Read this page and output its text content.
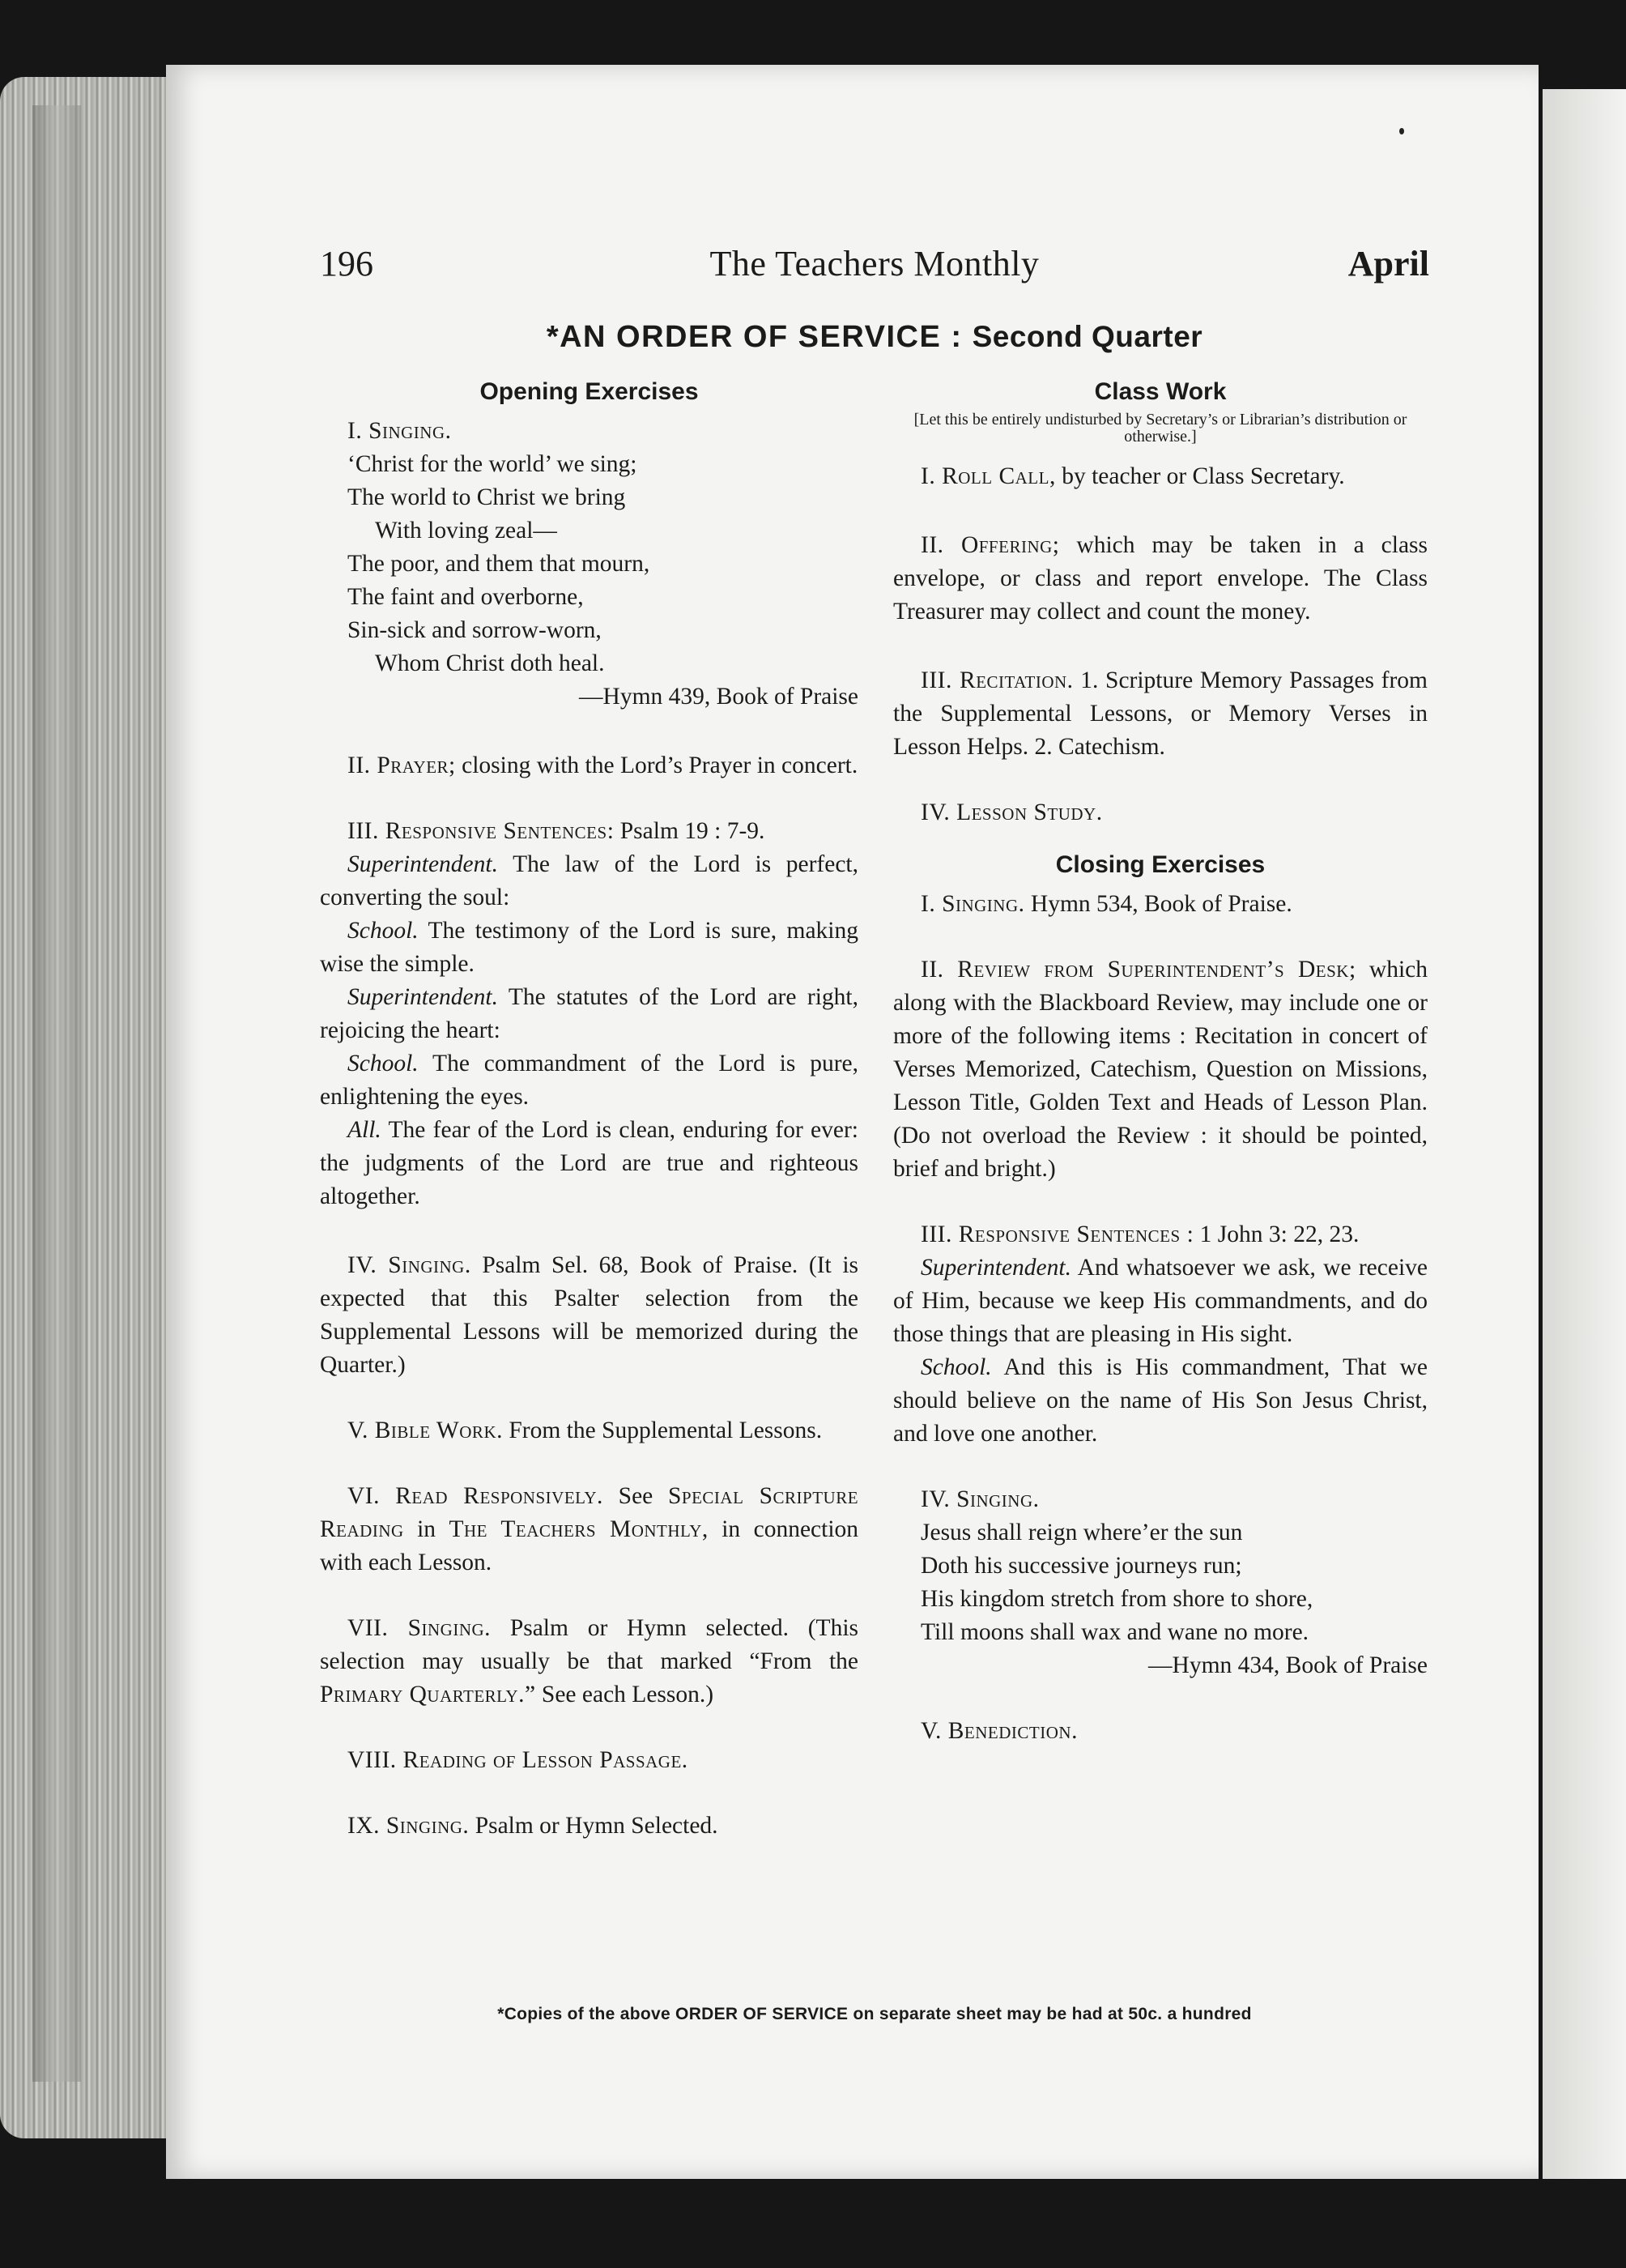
The Teachers Monthly
196	April
*AN ORDER OF SERVICE : Second Quarter
Opening Exercises

I. Singing.

‘Christ for the world’ we sing;
The world to Christ we bring
With loving zeal—
The poor, and them that mourn,
The faint and overborne,
Sin-sick and sorrow-worn,
Whom Christ doth heal.
—Hymn 439, Book of Praise

II. Prayer; closing with the Lord’s Prayer in concert.

III. Responsive Sentences: Psalm 19 : 7-9.

Superintendent. The law of the Lord is perfect, converting the soul:

School. The testimony of the Lord is sure, making wise the simple.

Superintendent. The statutes of the Lord are right, rejoicing the heart:

School. The commandment of the Lord is pure, enlightening the eyes.

All. The fear of the Lord is clean, enduring for ever: the judgments of the Lord are true and righteous altogether.

IV. Singing. Psalm Sel. 68, Book of Praise. (It is expected that this Psalter selection from the Supplemental Lessons will be memorized during the Quarter.)

V. Bible Work. From the Supplemental Lessons.

VI. Read Responsively. See Special Scripture Reading in The Teachers Monthly, in connection with each Lesson.

VII. Singing. Psalm or Hymn selected. (This selection may usually be that marked “From the Primary Quarterly.” See each Lesson.)

VIII. Reading of Lesson Passage.

IX. Singing. Psalm or Hymn Selected.

Class Work
[Let this be entirely undisturbed by Secretary’s or Librarian’s distribution or otherwise.]

I. Roll Call, by teacher or Class Secretary.

II. Offering; which may be taken in a class envelope, or class and report envelope. The Class Treasurer may collect and count the money.

III. Recitation. 1. Scripture Memory Passages from the Supplemental Lessons, or Memory Verses in Lesson Helps. 2. Catechism.

IV. Lesson Study.

Closing Exercises

I. Singing. Hymn 534, Book of Praise.

II. Review from Superintendent’s Desk; which along with the Blackboard Review, may include one or more of the following items : Recitation in concert of Verses Memorized, Catechism, Question on Missions, Lesson Title, Golden Text and Heads of Lesson Plan. (Do not overload the Review : it should be pointed, brief and bright.)

III. Responsive Sentences : 1 John 3: 22, 23.

Superintendent. And whatsoever we ask, we receive of Him, because we keep His commandments, and do those things that are pleasing in His sight.

School. And this is His commandment, That we should believe on the name of His Son Jesus Christ, and love one another.

IV. Singing.

Jesus shall reign where’er the sun
Doth his successive journeys run;
His kingdom stretch from shore to shore,
Till moons shall wax and wane no more.
—Hymn 434, Book of Praise

V. Benediction.

*Copies of the above ORDER OF SERVICE on separate sheet may be had at 50c. a hundred
